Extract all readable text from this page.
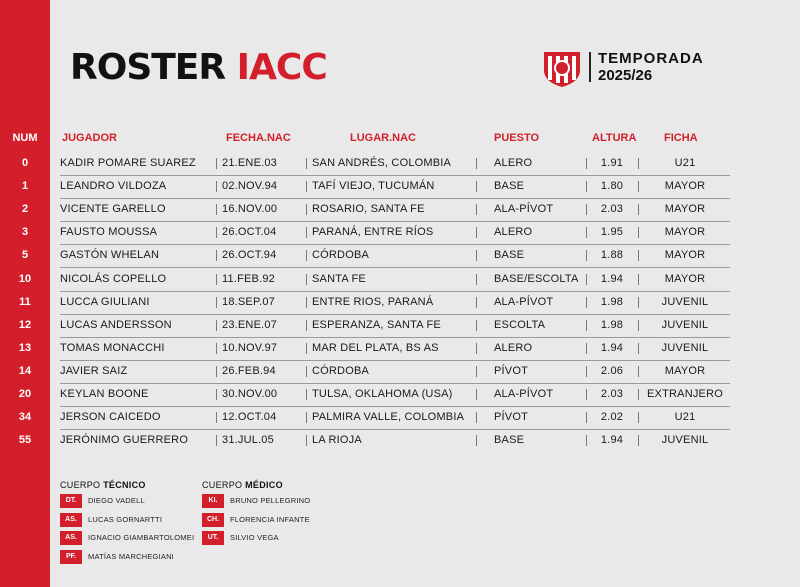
ROSTER IACC	TEMPORADA
2025/26
NUM	JUGADOR	FECHA.NAC	LUGAR.NAC	PUESTO	ALTURA	FICHA
0	KADIR POMARE SUAREZ	21.ENE.03	SAN ANDRÉS, COLOMBIA	ALERO	1.91	U21
1	LEANDRO VILDOZA	02.NOV.94	TAFÍ VIEJO, TUCUMÁN	BASE	1.80	MAYOR
2	VICENTE GARELLO	16.NOV.00	ROSARIO, SANTA FE	ALA-PÍVOT	2.03	MAYOR
3	FAUSTO MOUSSA	26.OCT.04	PARANÁ, ENTRE RÍOS	ALERO	1.95	MAYOR
5	GASTÓN WHELAN	26.OCT.94	CÓRDOBA	BASE	1.88	MAYOR
10	NICOLÁS COPELLO	11.FEB.92	SANTA FE	BASE/ESCOLTA	1.94	MAYOR
11	LUCCA GIULIANI	18.SEP.07	ENTRE RIOS, PARANÁ	ALA-PÍVOT	1.98	JUVENIL
12	LUCAS ANDERSSON	23.ENE.07	ESPERANZA, SANTA FE	ESCOLTA	1.98	JUVENIL
13	TOMAS MONACCHI	10.NOV.97	MAR DEL PLATA, BS AS	ALERO	1.94	JUVENIL
14	JAVIER SAIZ	26.FEB.94	CÓRDOBA	PÍVOT	2.06	MAYOR
20	KEYLAN BOONE	30.NOV.00	TULSA, OKLAHOMA (USA)	ALA-PÍVOT	2.03	EXTRANJERO
34	JERSON CAICEDO	12.OCT.04	PALMIRA VALLE, COLOMBIA	PÍVOT	2.02	U21
55	JERÓNIMO GUERRERO	31.JUL.05	LA RIOJA	BASE	1.94	JUVENIL
CUERPO TÉCNICO	CUERPO MÉDICO
DT.	DIEGO VADELL
AS.	LUCAS GORNARTTI
AS.	IGNACIO GIAMBARTOLOMEI
PF.	MATÍAS MARCHEGIANI
KI.	BRUNO PELLEGRINO
CH.	FLORENCIA INFANTE
UT.	SILVIO VEGA
